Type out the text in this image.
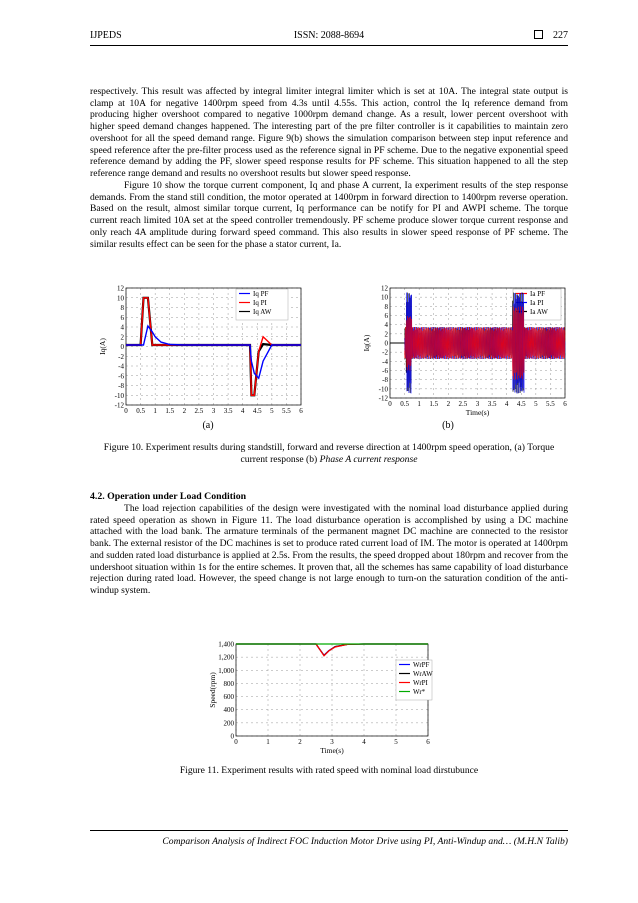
IJPEDS	ISSN: 2088-8694	227

respectively. This result was affected by integral limiter integral limiter which is set at 10A. The integral state output is clamp at 10A for negative 1400rpm speed from 4.3s until 4.55s. This action, control the Iq reference demand from producing higher overshoot compared to negative 1000rpm demand change. As a result, lower percent overshoot with higher speed demand changes happened. The interesting part of the pre filter controller is it capabilities to maintain zero overshoot for all the speed demand range. Figure 9(b) shows the simulation comparison between step input reference and speed reference after the pre-filter process used as the reference signal in PF scheme. Due to the negative exponential speed reference demand by adding the PF, slower speed response results for PF scheme. This situation happened to all the step reference range demand and results no overshoot results but slower speed response.

Figure 10 show the torque current component, Iq and phase A current, Ia experiment results of the step response demands. From the stand still condition, the motor operated at 1400rpm in forward direction to 1400rpm reverse operation. Based on the result, almost similar torque current, Iq performance can be notify for PI and AWPI scheme. The torque current reach limited 10A set at the speed controller tremendously. PF scheme produce slower torque current response and only reach 4A amplitude during forward speed command. This also results in slower speed response of PF scheme. The similar results effect can be seen for the phase a stator current, Ia.

12
10
8
6
4
2
0
-2
-4
-6
-8
-10
-12
0 0.5 1 1.5 2 2.5 3 3.5 4 4.5 5 5.5 6
Iq(A)
Iq PF
Iq PI
Iq AW
(a)
12
10
8
6
4
2
0
-2
-4
-6
-8
-10
-12
0 0.5 1 1.5 2 2.5 3 3.5 4 4.5 5 5.5 6
Iq(A)
Time(s)
Ia PF
Ia PI
Ia AW
(b)

Figure 10. Experiment results during standstill, forward and reverse direction at 1400rpm speed operation, (a) Torque current response (b) Phase A current response

4.2. Operation under Load Condition

The load rejection capabilities of the design were investigated with the nominal load disturbance applied during rated speed operation as shown in Figure 11. The load disturbance operation is accomplished by using a DC machine attached with the load bank. The armature terminals of the permanent magnet DC machine are connected to the resistor bank. The external resistor of the DC machines is set to produce rated current load of IM. The motor is operated at 1400rpm and sudden rated load disturbance is applied at 2.5s. From the results, the speed dropped about 180rpm and recover from the undershoot situation within 1s for the entire schemes. It proven that, all the schemes has same capability of load disturbance rejection during rated load. However, the speed change is not large enough to turn-on the saturation condition of the anti-windup system.

1,400
1,200
1,000
800
600
400
200
0
0	1	2	3	4	5	6
Speed(rpm)
Time(s)
WrPF
WrAW
WrPI
Wr*

Figure 11. Experiment results with rated speed with nominal load dirstubunce

Comparison Analysis of Indirect FOC Induction Motor Drive using PI, Anti-Windup and… (M.H.N Talib)
